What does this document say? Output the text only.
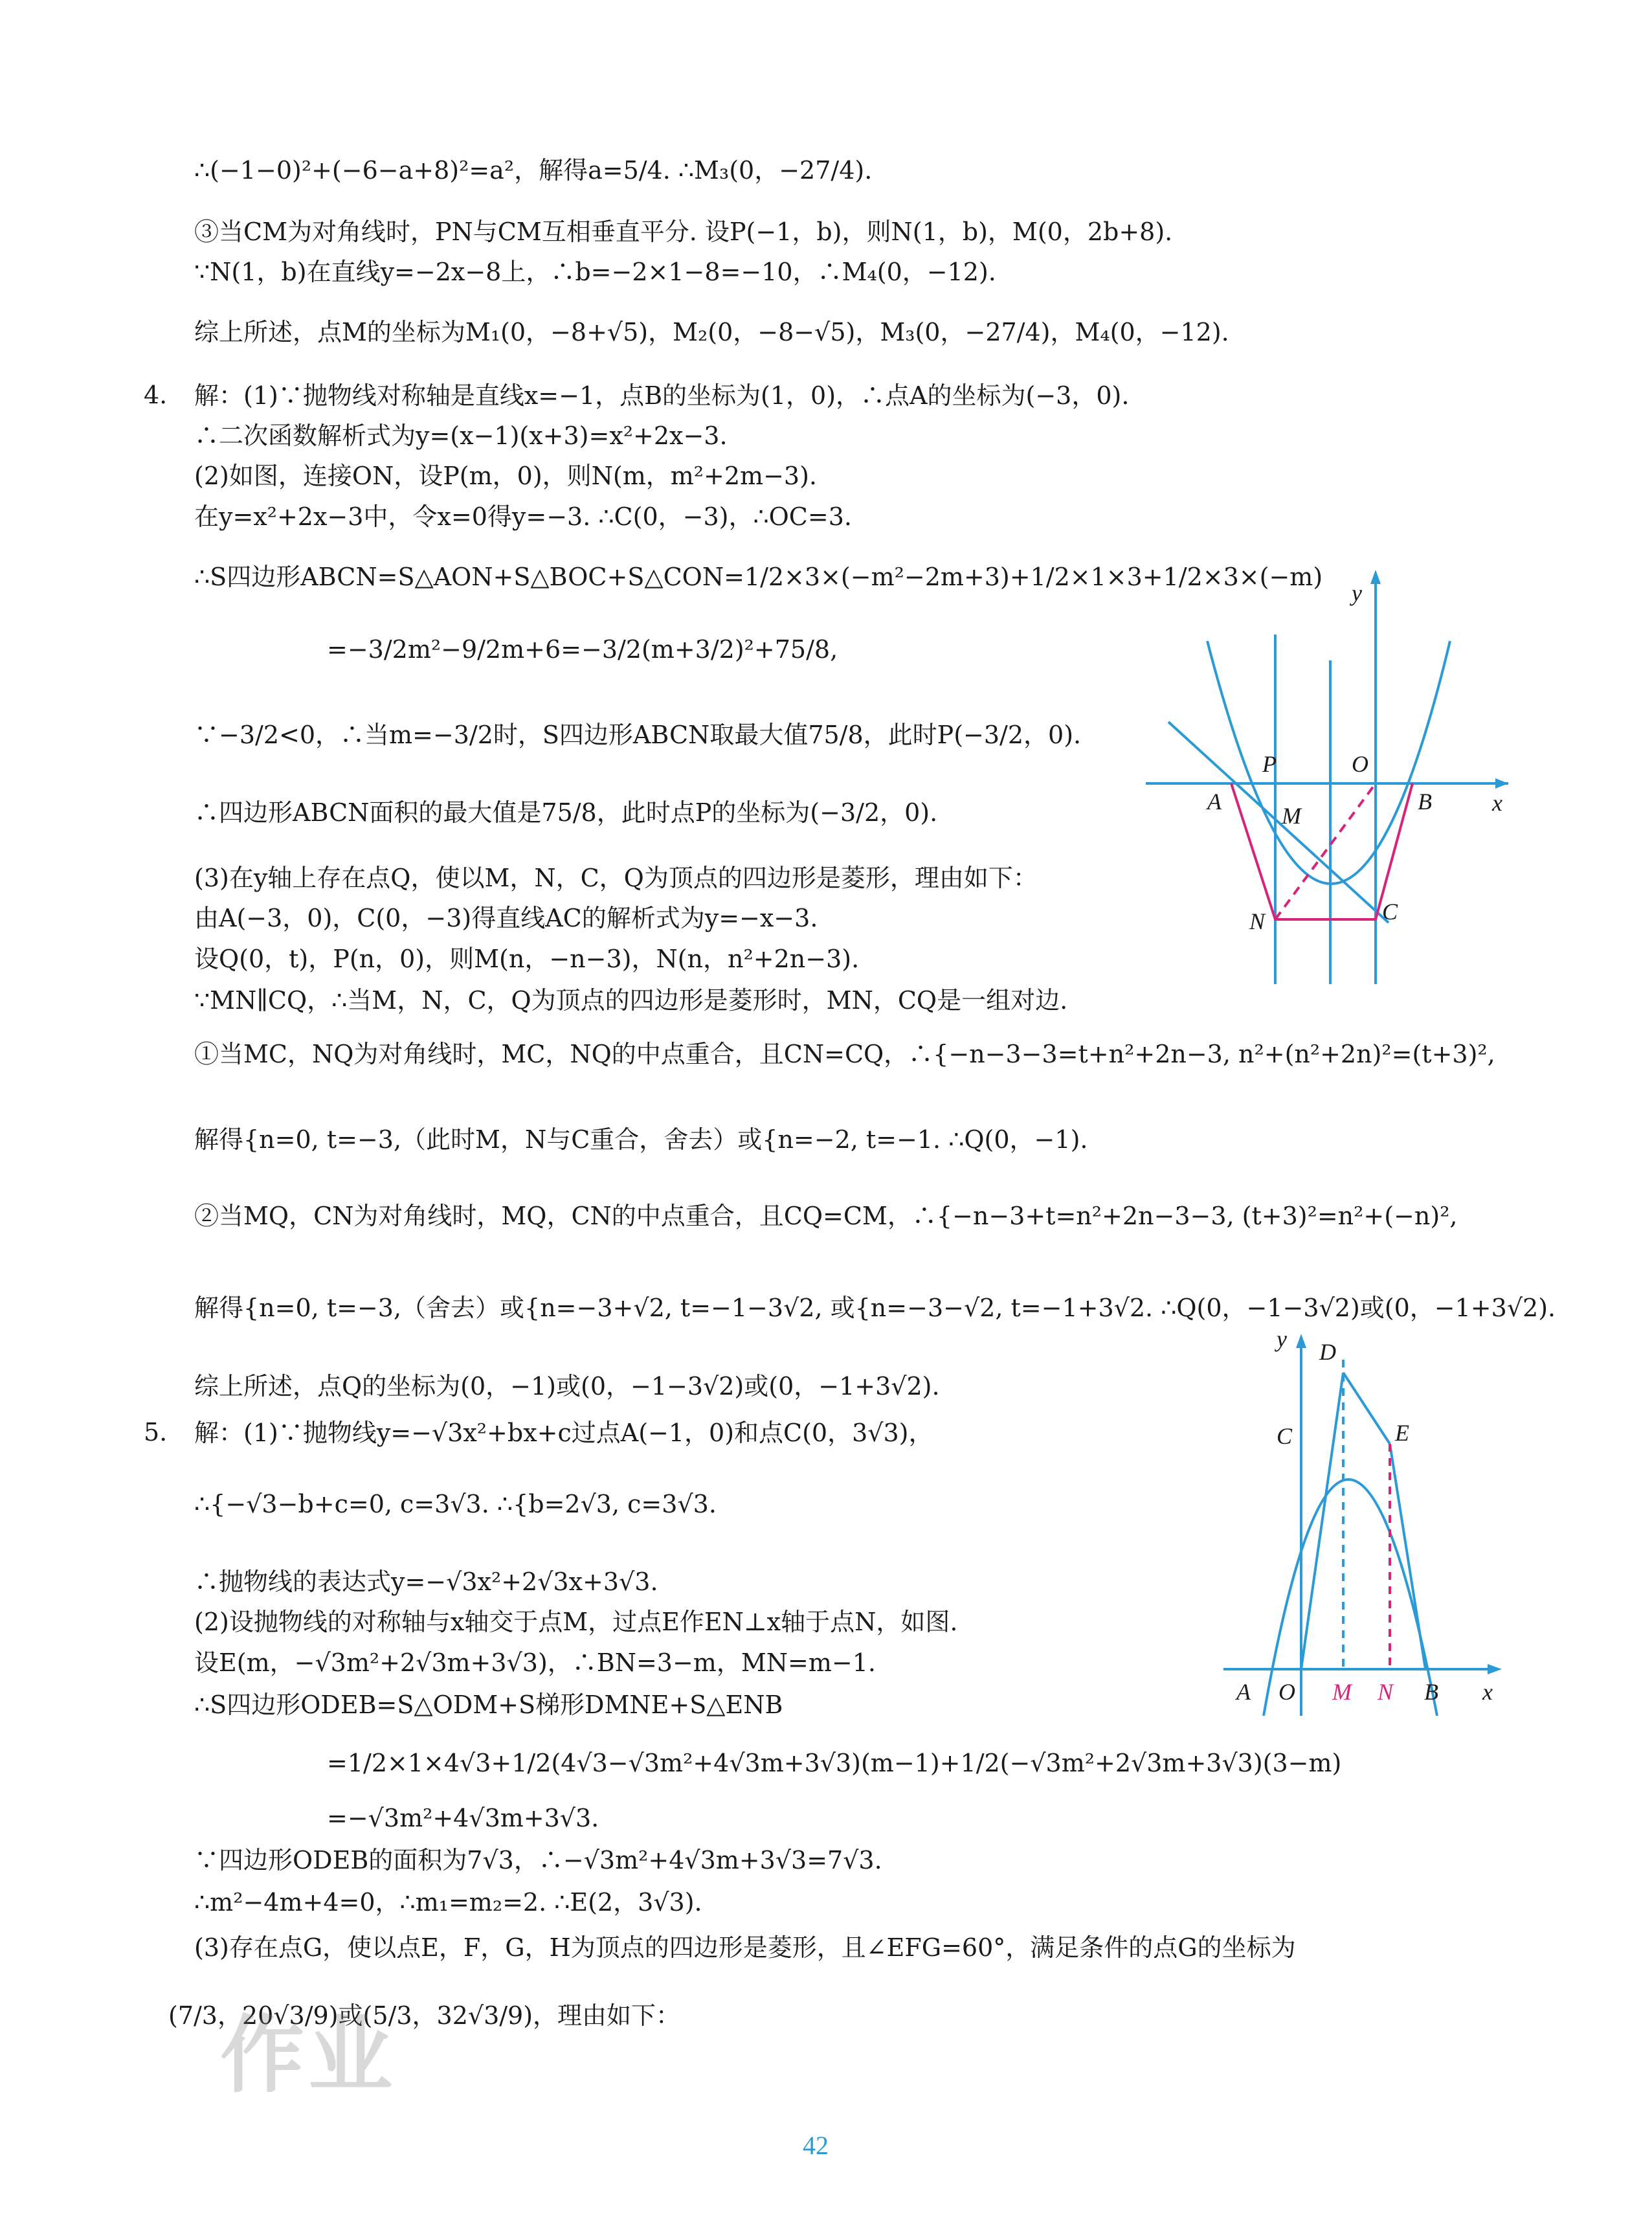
∴(−1−0)²+(−6−a+8)²=a²，解得a=5/4. ∴M₃(0，−27/4).
③当CM为对角线时，PN与CM互相垂直平分. 设P(−1，b)，则N(1，b)，M(0，2b+8).
∵N(1，b)在直线y=−2x−8上，∴b=−2×1−8=−10，∴M₄(0，−12).
综上所述，点M的坐标为M₁(0，−8+√5)，M₂(0，−8−√5)，M₃(0，−27/4)，M₄(0，−12).
4. 解：(1)∵抛物线对称轴是直线x=−1，点B的坐标为(1，0)，∴点A的坐标为(−3，0).
∴二次函数解析式为y=(x−1)(x+3)=x²+2x−3.
(2)如图，连接ON，设P(m，0)，则N(m，m²+2m−3).
在y=x²+2x−3中，令x=0得y=−3. ∴C(0，−3)，∴OC=3.
∴S四边形ABCN=S△AON+S△BOC+S△CON=1/2×3×(−m²−2m+3)+1/2×1×3+1/2×3×(−m)
=−3/2m²−9/2m+6=−3/2(m+3/2)²+75/8,
∵−3/2<0，∴当m=−3/2时，S四边形ABCN取最大值75/8，此时P(−3/2，0).
∴四边形ABCN面积的最大值是75/8，此时点P的坐标为(−3/2，0).
(3)在y轴上存在点Q，使以M，N，C，Q为顶点的四边形是菱形，理由如下：
由A(−3，0)，C(0，−3)得直线AC的解析式为y=−x−3.
设Q(0，t)，P(n，0)，则M(n，−n−3)，N(n，n²+2n−3).
∵MN∥CQ，∴当M，N，C，Q为顶点的四边形是菱形时，MN，CQ是一组对边.
①当MC，NQ为对角线时，MC，NQ的中点重合，且CN=CQ，∴{−n−3−3=t+n²+2n−3, n²+(n²+2n)²=(t+3)²,
解得{n=0, t=−3,（此时M，N与C重合，舍去）或{n=−2, t=−1. ∴Q(0，−1).
②当MQ，CN为对角线时，MQ，CN的中点重合，且CQ=CM，∴{−n−3+t=n²+2n−3−3, (t+3)²=n²+(−n)²,
解得{n=0, t=−3,（舍去）或{n=−3+√2, t=−1−3√2, 或{n=−3−√2, t=−1+3√2. ∴Q(0，−1−3√2)或(0，−1+3√2).
综上所述，点Q的坐标为(0，−1)或(0，−1−3√2)或(0，−1+3√2).
5. 解：(1)∵抛物线y=−√3x²+bx+c过点A(−1，0)和点C(0，3√3)，
∴{−√3−b+c=0, c=3√3. ∴{b=2√3, c=3√3.
∴抛物线的表达式y=−√3x²+2√3x+3√3.
(2)设抛物线的对称轴与x轴交于点M，过点E作EN⊥x轴于点N，如图.
设E(m，−√3m²+2√3m+3√3)，∴BN=3−m，MN=m−1.
∴S四边形ODEB=S△ODM+S梯形DMNE+S△ENB
=1/2×1×4√3+1/2(4√3−√3m²+4√3m+3√3)(m−1)+1/2(−√3m²+2√3m+3√3)(3−m)
=−√3m²+4√3m+3√3.
∵四边形ODEB的面积为7√3，∴−√3m²+4√3m+3√3=7√3.
∴m²−4m+4=0，∴m₁=m₂=2. ∴E(2，3√3).
(3)存在点G，使以点E，F，G，H为顶点的四边形是菱形，且∠EFG=60°，满足条件的点G的坐标为
(7/3，20√3/9)或(5/3，32√3/9)，理由如下：
作业
y
x
P	O
A
M
B
N	C
y
x
D
C	E
A O M N B
42
